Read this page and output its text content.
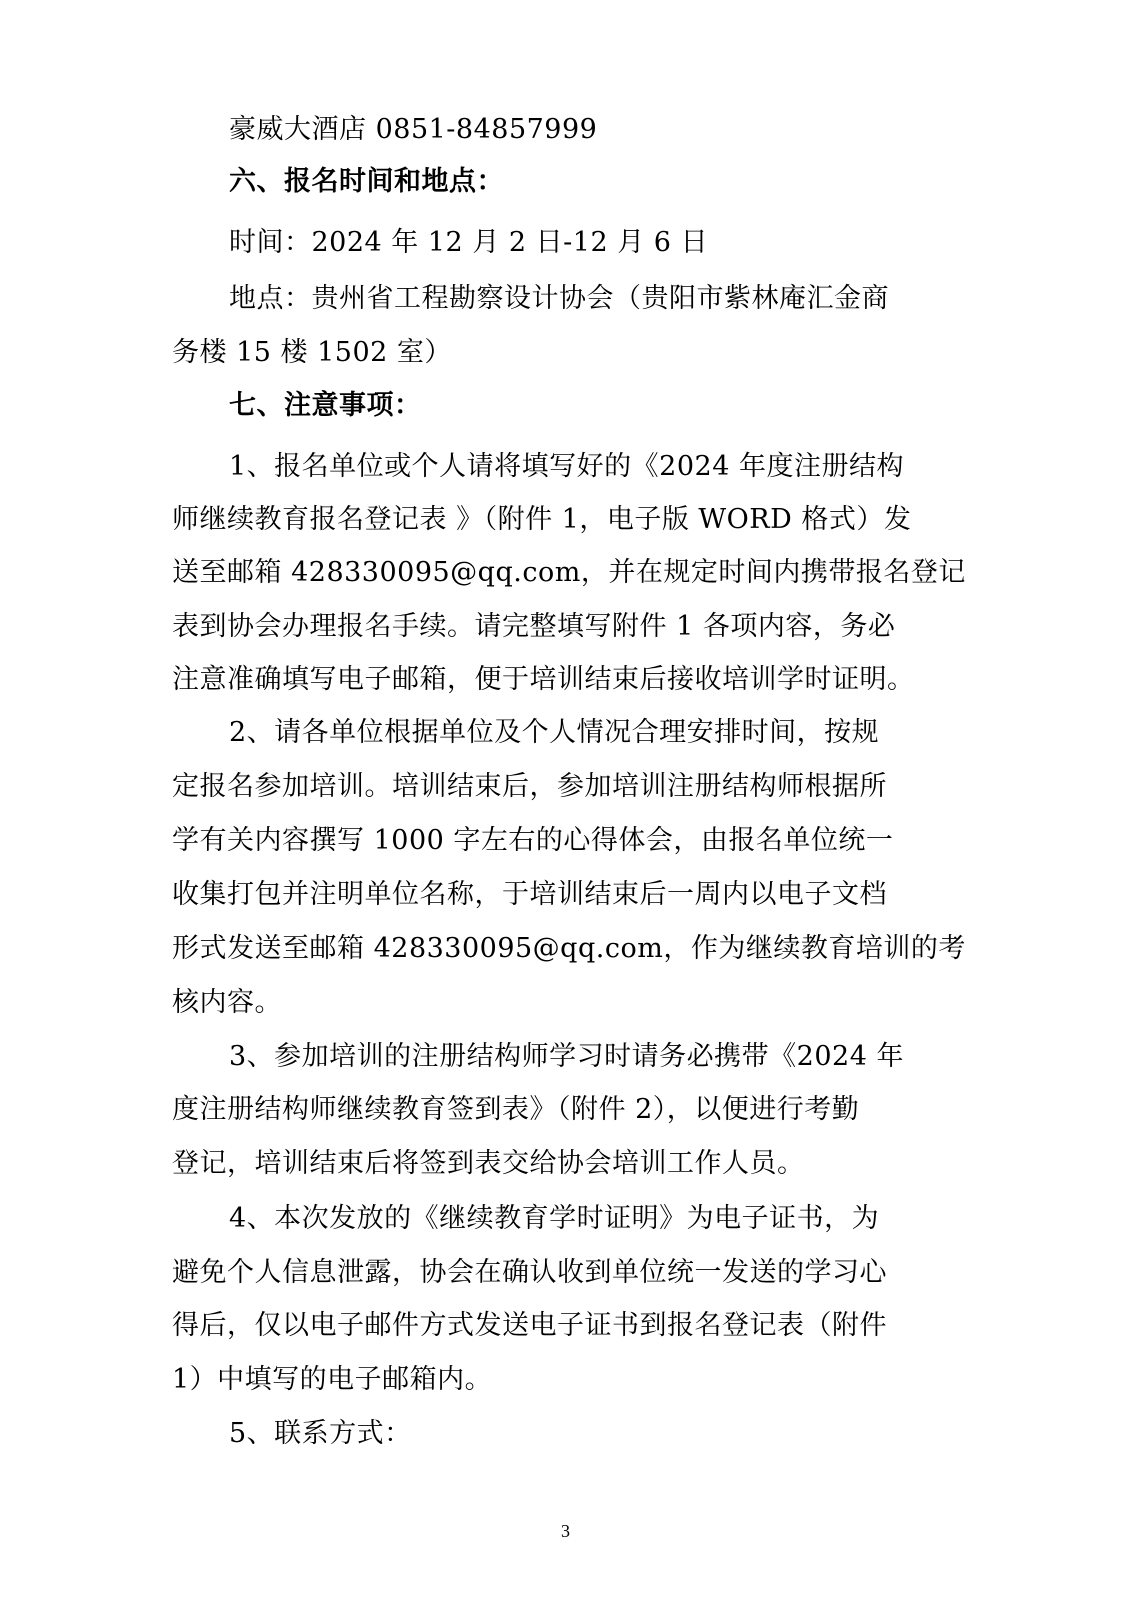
豪威大酒店 0851-84857999
六、报名时间和地点：
时间：2024 年 12 月 2 日-12 月 6 日
地点：贵州省工程勘察设计协会（贵阳市紫林庵汇金商
务楼 15 楼 1502 室）
七、注意事项：
1、报名单位或个人请将填写好的《2024 年度注册结构
师继续教育报名登记表 》（附件 1，电子版 WORD 格式）发
送至邮箱 428330095@qq.com，并在规定时间内携带报名登记
表到协会办理报名手续。请完整填写附件 1 各项内容，务必
注意准确填写电子邮箱，便于培训结束后接收培训学时证明。
2、请各单位根据单位及个人情况合理安排时间，按规
定报名参加培训。培训结束后，参加培训注册结构师根据所
学有关内容撰写 1000 字左右的心得体会，由报名单位统一
收集打包并注明单位名称，于培训结束后一周内以电子文档
形式发送至邮箱 428330095@qq.com，作为继续教育培训的考
核内容。
3、参加培训的注册结构师学习时请务必携带《2024 年
度注册结构师继续教育签到表》（附件 2），以便进行考勤
登记，培训结束后将签到表交给协会培训工作人员。
4、本次发放的《继续教育学时证明》为电子证书，为
避免个人信息泄露，协会在确认收到单位统一发送的学习心
得后，仅以电子邮件方式发送电子证书到报名登记表（附件
1）中填写的电子邮箱内。
5、联系方式：
3
